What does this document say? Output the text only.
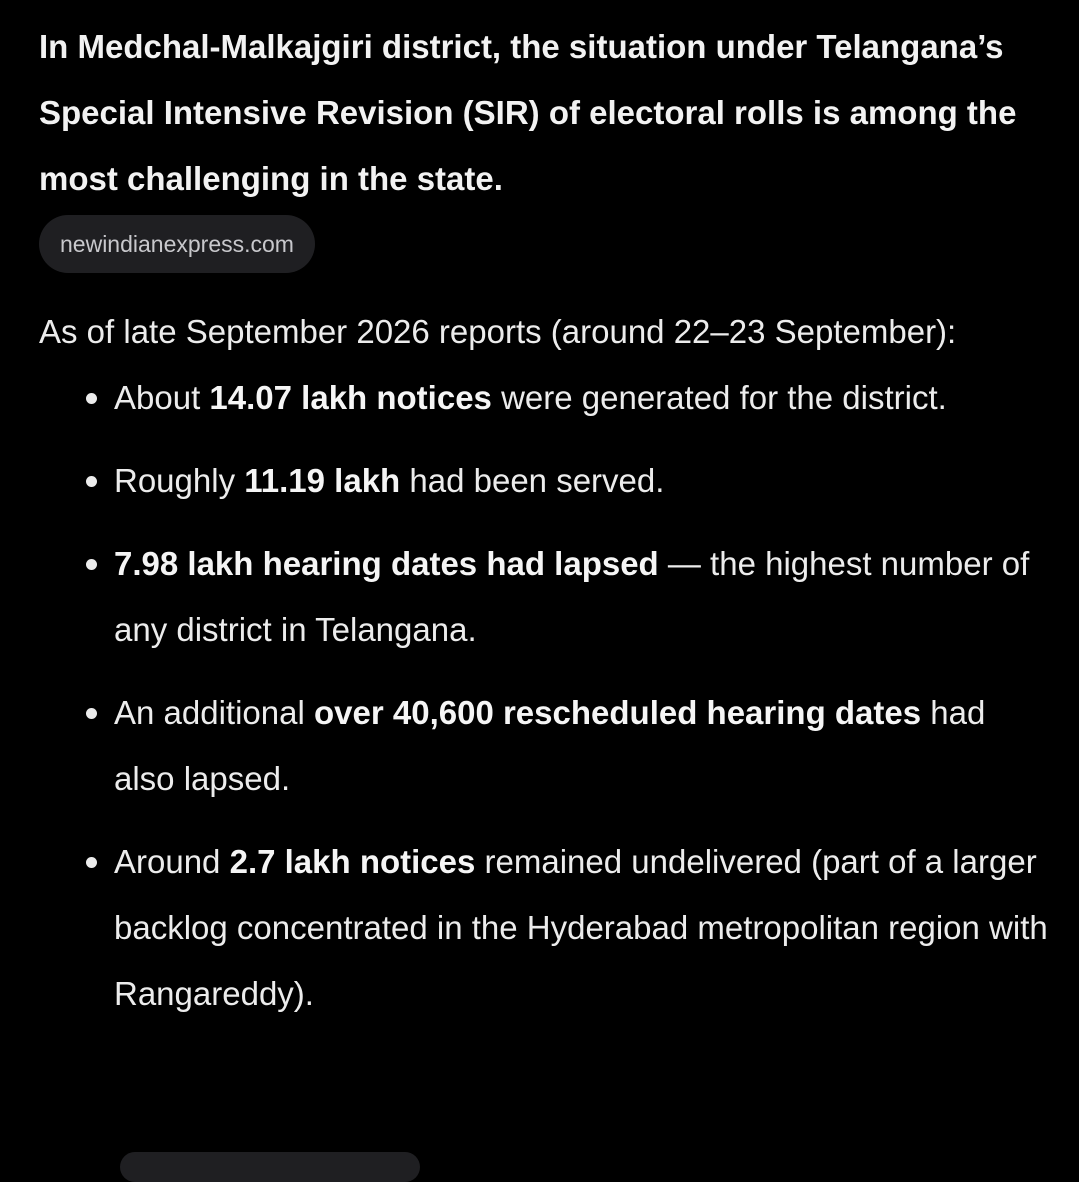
In Medchal-Malkajgiri district, the situation under Telangana’s Special Intensive Revision (SIR) of electoral rolls is among the most challenging in the state.

newindianexpress.com

As of late September 2026 reports (around 22–23 September):

About 14.07 lakh notices were generated for the district.
Roughly 11.19 lakh had been served.
7.98 lakh hearing dates had lapsed — the highest number of any district in Telangana.
An additional over 40,600 rescheduled hearing dates had also lapsed.
Around 2.7 lakh notices remained undelivered (part of a larger backlog concentrated in the Hyderabad metropolitan region with Rangareddy).
